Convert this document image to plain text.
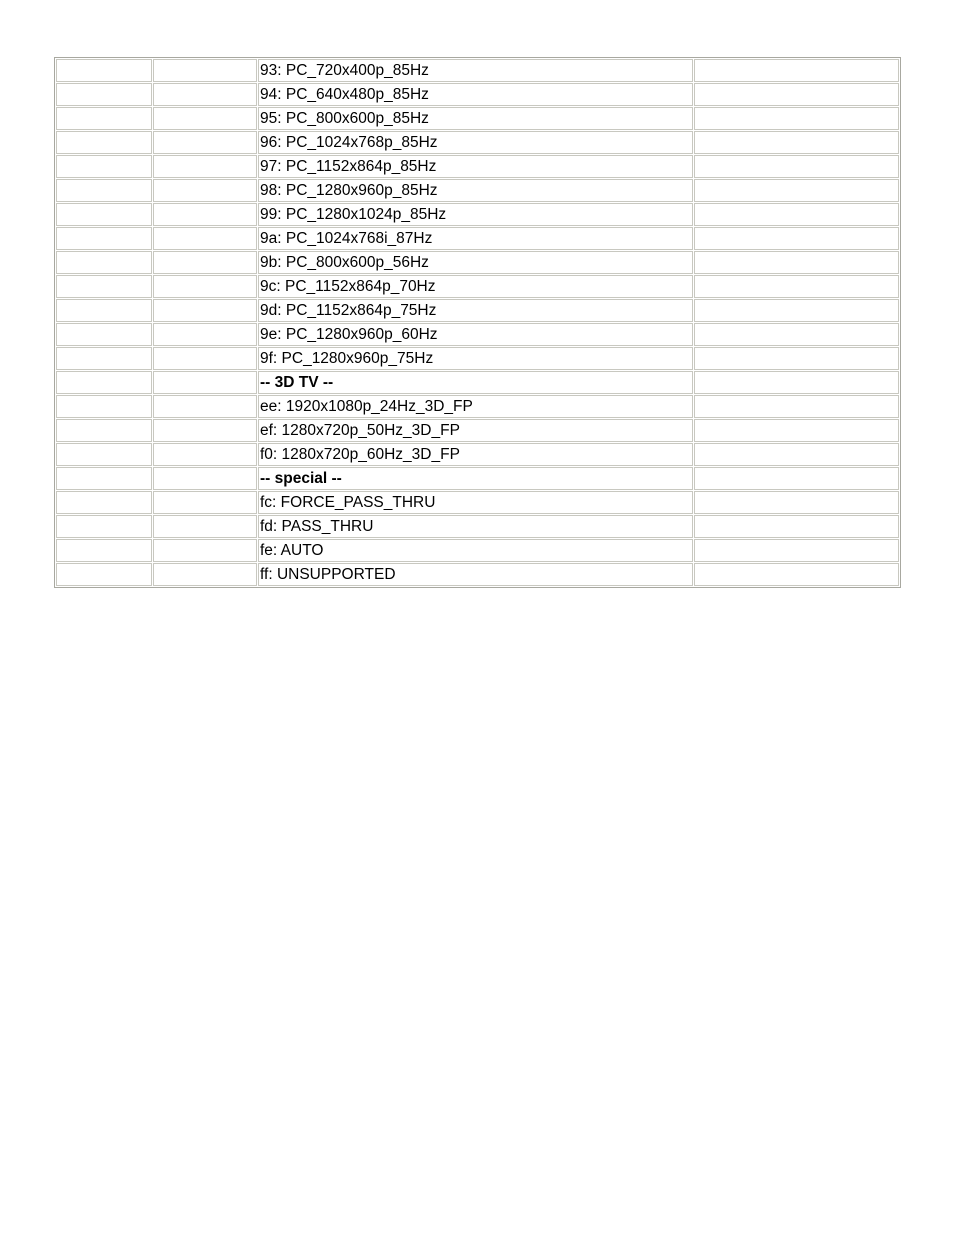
		93: PC_720x400p_85Hz	
		94: PC_640x480p_85Hz	
		95: PC_800x600p_85Hz	
		96: PC_1024x768p_85Hz	
		97: PC_1152x864p_85Hz	
		98: PC_1280x960p_85Hz	
		99: PC_1280x1024p_85Hz	
		9a: PC_1024x768i_87Hz	
		9b: PC_800x600p_56Hz	
		9c: PC_1152x864p_70Hz	
		9d: PC_1152x864p_75Hz	
		9e: PC_1280x960p_60Hz	
		9f: PC_1280x960p_75Hz	
		-- 3D TV --	
		ee: 1920x1080p_24Hz_3D_FP	
		ef: 1280x720p_50Hz_3D_FP	
		f0: 1280x720p_60Hz_3D_FP	
		-- special --	
		fc: FORCE_PASS_THRU	
		fd: PASS_THRU	
		fe: AUTO	
		ff: UNSUPPORTED	
